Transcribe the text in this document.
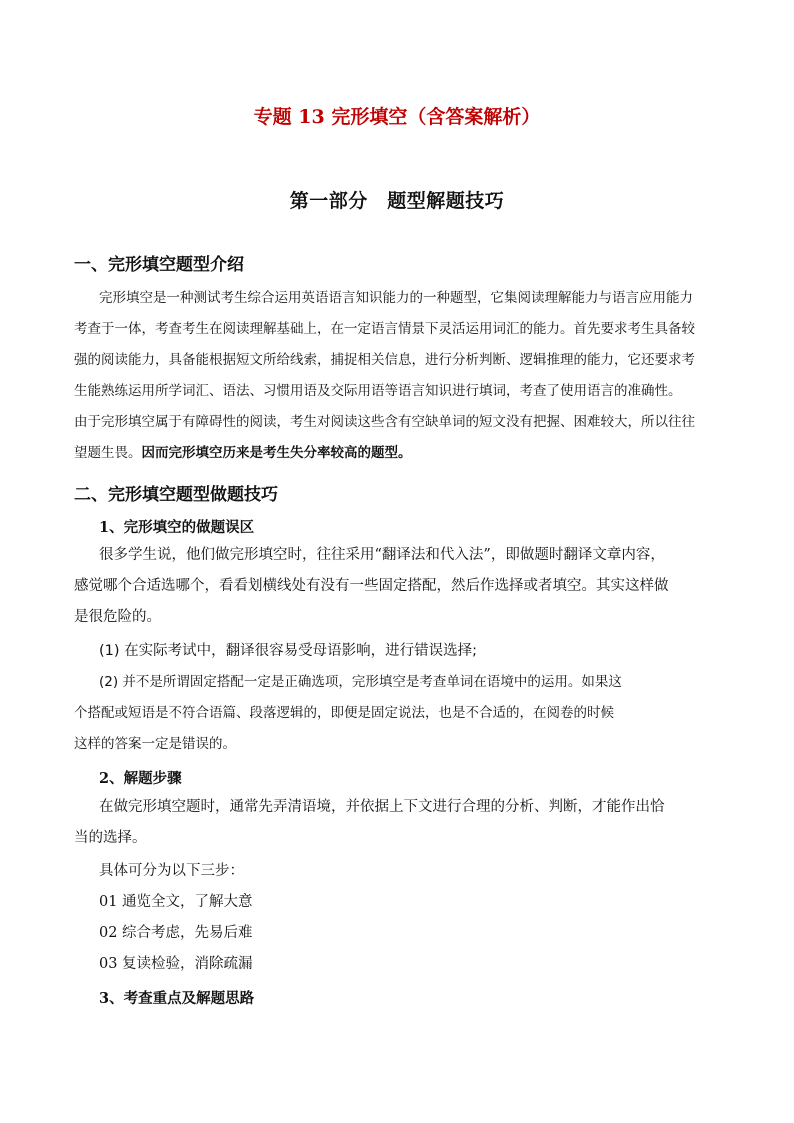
专题 13 完形填空（含答案解析）
第一部分　题型解题技巧
一、完形填空题型介绍

完形填空是一种测试考生综合运用英语语言知识能力的一种题型，它集阅读理解能力与语言应用能力

考查于一体，考查考生在阅读理解基础上，在一定语言情景下灵活运用词汇的能力。首先要求考生具备较

强的阅读能力，具备能根据短文所给线索，捕捉相关信息，进行分析判断、逻辑推理的能力，它还要求考

生能熟练运用所学词汇、语法、习惯用语及交际用语等语言知识进行填词，考查了使用语言的准确性。

由于完形填空属于有障碍性的阅读，考生对阅读这些含有空缺单词的短文没有把握、困难较大，所以往往

望题生畏。因而完形填空历来是考生失分率较高的题型。

二、完形填空题型做题技巧
1、完形填空的做题误区

很多学生说，他们做完形填空时，往往采用“翻译法和代入法”，即做题时翻译文章内容，

感觉哪个合适选哪个，看看划横线处有没有一些固定搭配，然后作选择或者填空。其实这样做

是很危险的。

(1) 在实际考试中，翻译很容易受母语影响，进行错误选择;

(2) 并不是所谓固定搭配一定是正确选项，完形填空是考查单词在语境中的运用。如果这

个搭配或短语是不符合语篇、段落逻辑的，即便是固定说法，也是不合适的，在阅卷的时候

这样的答案一定是错误的。

2、解题步骤

在做完形填空题时，通常先弄清语境，并依据上下文进行合理的分析、判断，才能作出恰

当的选择。

具体可分为以下三步：
01 通览全文，了解大意
02 综合考虑，先易后难
03 复读检验，消除疏漏
3、考查重点及解题思路
